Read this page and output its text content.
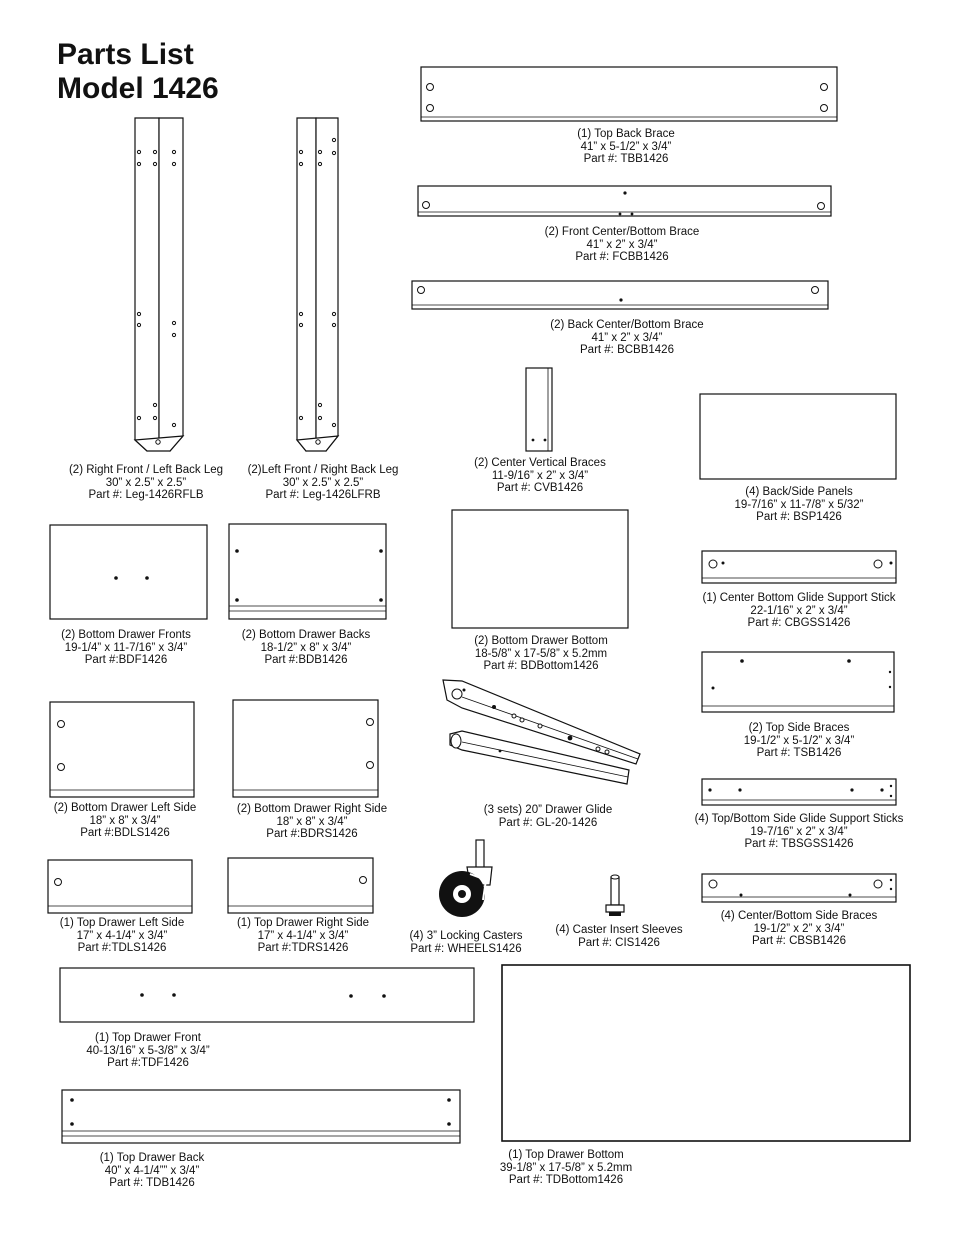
Parts List
Model 1426
(1) Top Back Brace
41” x 5-1/2” x 3/4”
Part #: TBB1426
(2) Front Center/Bottom Brace
41” x 2” x 3/4”
Part #: FCBB1426
(2) Back Center/Bottom Brace
41” x 2” x 3/4”
Part #: BCBB1426
(2) Right Front / Left Back Leg
30” x 2.5” x 2.5”
Part #: Leg-1426RFLB
(2)Left Front / Right Back Leg
30” x 2.5” x 2.5”
Part #: Leg-1426LFRB
(2) Center Vertical Braces
11-9/16” x 2” x 3/4”
Part #: CVB1426	(4) Back/Side Panels
19-7/16” x 11-7/8” x 5/32”
Part #: BSP1426
(2) Bottom Drawer Fronts
19-1/4” x 11-7/16” x 3/4”
Part #:BDF1426
(2) Bottom Drawer Backs
18-1/2” x 8” x 3/4”
Part #:BDB1426
(2) Bottom Drawer Bottom
18-5/8” x 17-5/8” x 5.2mm
Part #: BDBottom1426
(1) Center Bottom Glide Support Stick
22-1/16” x 2” x 3/4”
Part #: CBGSS1426
(2) Top Side Braces
19-1/2” x 5-1/2” x 3/4”
Part #: TSB1426
(2) Bottom Drawer Left Side
18” x 8” x 3/4”
Part #:BDLS1426
(2) Bottom Drawer Right Side
18” x 8” x 3/4”
Part #:BDRS1426
(3 sets) 20” Drawer Glide
Part #: GL-20-1426	(4) Top/Bottom Side Glide Support Sticks
19-7/16” x 2” x 3/4”
Part #: TBSGSS1426
(1) Top Drawer Left Side
17” x 4-1/4” x 3/4”
Part #:TDLS1426
(1) Top Drawer Right Side
17” x 4-1/4” x 3/4”
Part #:TDRS1426
(4) 3” Locking Casters
Part #: WHEELS1426
(4) Caster Insert Sleeves
Part #: CIS1426
(4) Center/Bottom Side Braces
19-1/2” x 2” x 3/4”
Part #: CBSB1426
(1) Top Drawer Front
40-13/16” x 5-3/8” x 3/4”
Part #:TDF1426
(1) Top Drawer Back
40” x 4-1/4”” x 3/4”
Part #: TDB1426
(1) Top Drawer Bottom
39-1/8” x 17-5/8” x 5.2mm
Part #: TDBottom1426
